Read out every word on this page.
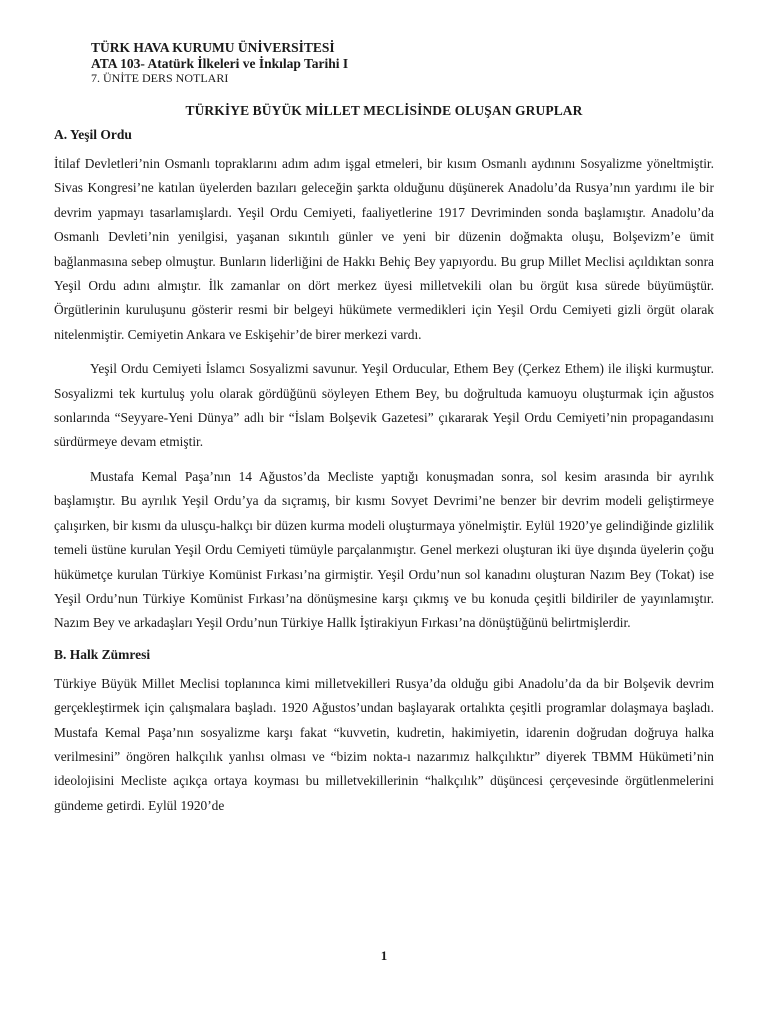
TÜRK HAVA KURUMU ÜNİVERSİTESİ
ATA 103- Atatürk İlkeleri ve İnkılap Tarihi I
7. ÜNİTE DERS NOTLARI
TÜRKİYE BÜYÜK MİLLET MECLİSİNDE OLUŞAN GRUPLAR
A. Yeşil Ordu

İtilaf Devletleri’nin Osmanlı topraklarını adım adım işgal etmeleri, bir kısım Osmanlı aydınını Sosyalizme yöneltmiştir. Sivas Kongresi’ne katılan üyelerden bazıları geleceğin şarkta olduğunu düşünerek Anadolu’da Rusya’nın yardımı ile bir devrim yapmayı tasarlamışlardı. Yeşil Ordu Cemiyeti, faaliyetlerine 1917 Devriminden sonda başlamıştır. Anadolu’da Osmanlı Devleti’nin yenilgisi, yaşanan sıkıntılı günler ve yeni bir düzenin doğmakta oluşu, Bolşevizm’e ümit bağlanmasına sebep olmuştur. Bunların liderliğini de Hakkı Behiç Bey yapıyordu. Bu grup Millet Meclisi açıldıktan sonra Yeşil Ordu adını almıştır. İlk zamanlar on dört merkez üyesi milletvekili olan bu örgüt kısa sürede büyümüştür. Örgütlerinin kuruluşunu gösterir resmi bir belgeyi hükümete vermedikleri için Yeşil Ordu Cemiyeti gizli örgüt olarak nitelenmiştir. Cemiyetin Ankara ve Eskişehir’de birer merkezi vardı.

Yeşil Ordu Cemiyeti İslamcı Sosyalizmi savunur. Yeşil Orducular, Ethem Bey (Çerkez Ethem) ile ilişki kurmuştur. Sosyalizmi tek kurtuluş yolu olarak gördüğünü söyleyen Ethem Bey, bu doğrultuda kamuoyu oluşturmak için ağustos sonlarında “Seyyare-Yeni Dünya” adlı bir “İslam Bolşevik Gazetesi” çıkararak Yeşil Ordu Cemiyeti’nin propagandasını sürdürmeye devam etmiştir.

Mustafa Kemal Paşa’nın 14 Ağustos’da Mecliste yaptığı konuşmadan sonra, sol kesim arasında bir ayrılık başlamıştır. Bu ayrılık Yeşil Ordu’ya da sıçramış, bir kısmı Sovyet Devrimi’ne benzer bir devrim modeli geliştirmeye çalışırken, bir kısmı da ulusçu-halkçı bir düzen kurma modeli oluşturmaya yönelmiştir. Eylül 1920’ye gelindiğinde gizlilik temeli üstüne kurulan Yeşil Ordu Cemiyeti tümüyle parçalanmıştır. Genel merkezi oluşturan iki üye dışında üyelerin çoğu hükümetçe kurulan Türkiye Komünist Fırkası’na girmiştir. Yeşil Ordu’nun sol kanadını oluşturan Nazım Bey (Tokat) ise Yeşil Ordu’nun Türkiye Komünist Fırkası’na dönüşmesine karşı çıkmış ve bu konuda çeşitli bildiriler de yayınlamıştır. Nazım Bey ve arkadaşları Yeşil Ordu’nun Türkiye Hallk İştirakiyun Fırkası’na dönüştüğünü belirtmişlerdir.

B. Halk Zümresi

Türkiye Büyük Millet Meclisi toplanınca kimi milletvekilleri Rusya’da olduğu gibi Anadolu’da da bir Bolşevik devrim gerçekleştirmek için çalışmalara başladı. 1920 Ağustos’undan başlayarak ortalıkta çeşitli programlar dolaşmaya başladı. Mustafa Kemal Paşa’nın sosyalizme karşı fakat “kuvvetin, kudretin, hakimiyetin, idarenin doğrudan doğruya halka verilmesini” öngören halkçılık yanlısı olması ve “bizim nokta-ı nazarımız halkçılıktır” diyerek TBMM Hükümeti’nin ideolojisini Mecliste açıkça ortaya koyması bu milletvekillerinin “halkçılık” düşüncesi çerçevesinde örgütlenmelerini gündeme getirdi. Eylül 1920’de

1
